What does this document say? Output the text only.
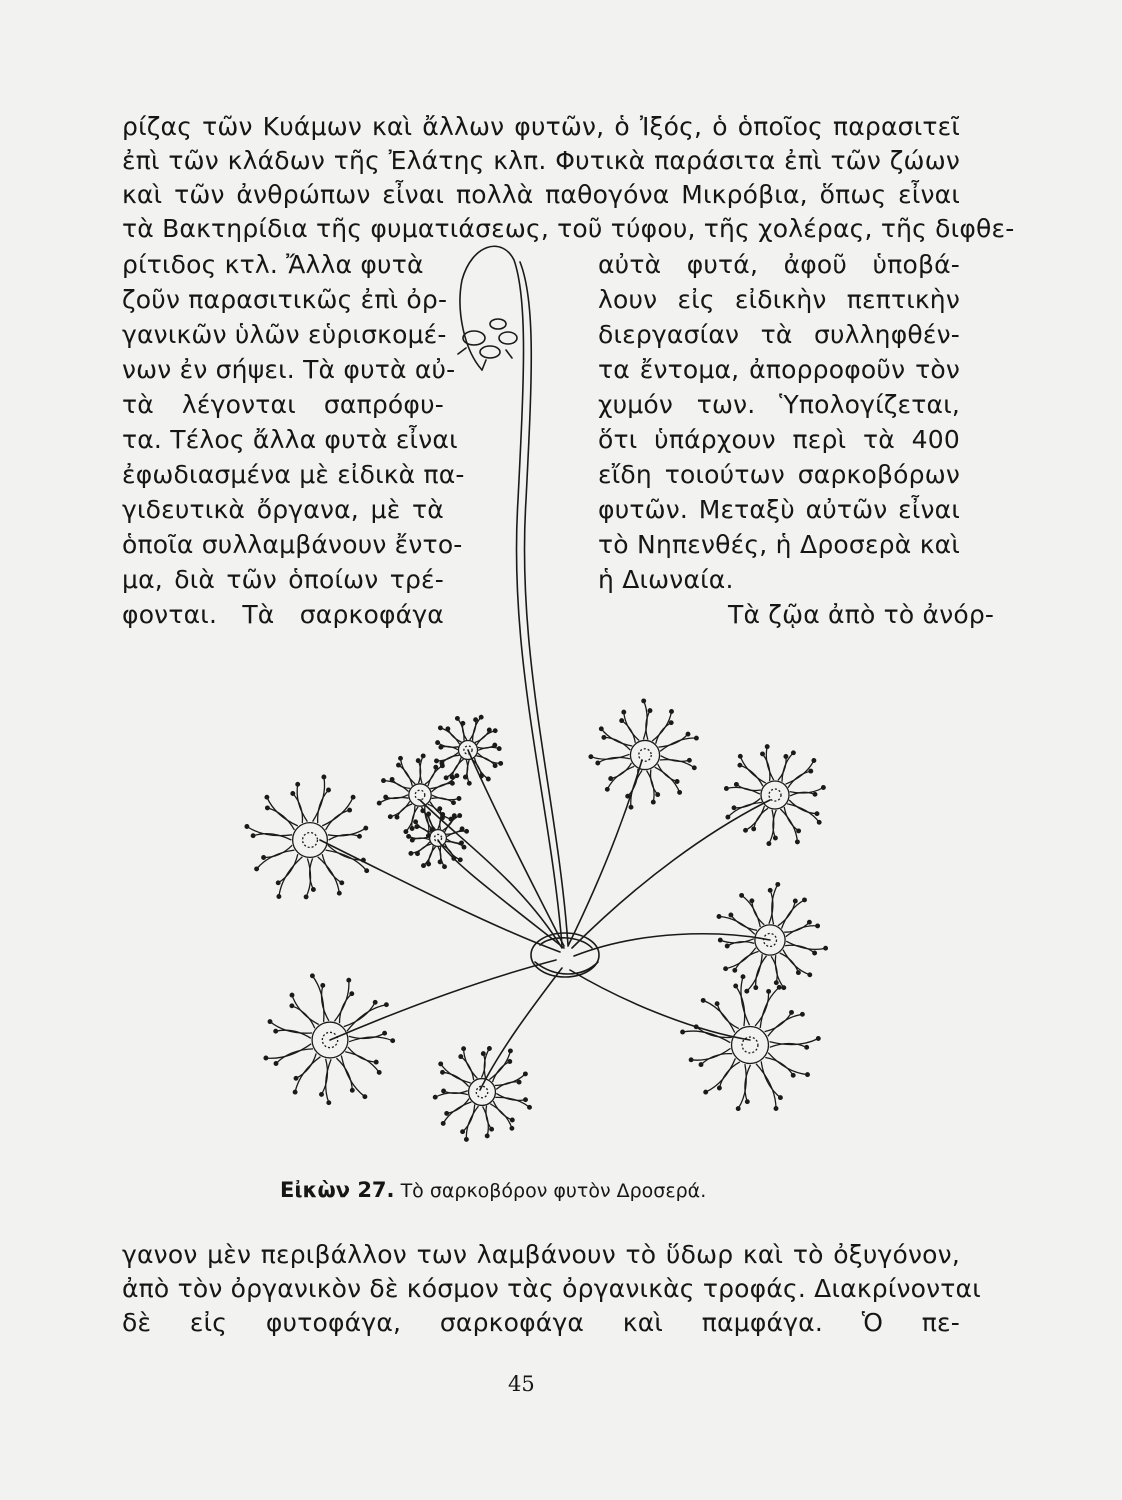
ρίζας τῶν Κυάμων καὶ ἄλλων φυτῶν, ὁ Ἰξός, ὁ ὁποῖος παρασιτεῖ
ἐπὶ τῶν κλάδων τῆς Ἐλάτης κλπ. Φυτικὰ παράσιτα ἐπὶ τῶν ζώων
καὶ τῶν ἀνθρώπων εἶναι πολλὰ παθογόνα Μικρόβια, ὅπως εἶναι
τὰ Βακτηρίδια τῆς φυματιάσεως, τοῦ τύφου, τῆς χολέρας, τῆς διφθε-
ρίτιδος κτλ. Ἄλλα φυτὰ
ζοῦν παρασιτικῶς ἐπὶ ὀρ-
γανικῶν ὑλῶν εὑρισκομέ-
νων ἐν σήψει. Τὰ φυτὰ αὐ-
τὰ λέγονται σαπρόφυ-
τα. Τέλος ἄλλα φυτὰ εἶναι
ἐφωδιασμένα μὲ εἰδικὰ πα-
γιδευτικὰ ὄργανα, μὲ τὰ
ὁποῖα συλλαμβάνουν ἔντο-
μα, διὰ τῶν ὁποίων τρέ-
φονται. Τὰ σαρκοφάγα
αὐτὰ φυτά, ἀφοῦ ὑποβά-
λουν εἰς εἰδικὴν πεπτικὴν
διεργασίαν τὰ συλληφθέν-
τα ἔντομα, ἀπορροφοῦν τὸν
χυμόν των. Ὑπολογίζεται,
ὅτι ὑπάρχουν περὶ τὰ 400
εἴδη τοιούτων σαρκοβόρων
φυτῶν. Μεταξὺ αὐτῶν εἶναι
τὸ Νηπενθές, ἡ Δροσερὰ καὶ
ἡ Διωναία.
Τὰ ζῷα ἀπὸ τὸ ἀνόρ-
Εἰκὼν 27. Τὸ σαρκοβόρον φυτὸν Δροσερά.
γανον μὲν περιβάλλον των λαμβάνουν τὸ ὕδωρ καὶ τὸ ὀξυγόνον,
ἀπὸ τὸν ὀργανικὸν δὲ κόσμον τὰς ὀργανικὰς τροφάς. Διακρίνονται
δὲ εἰς φυτοφάγα, σαρκοφάγα καὶ παμφάγα. Ὁ πε-
45
